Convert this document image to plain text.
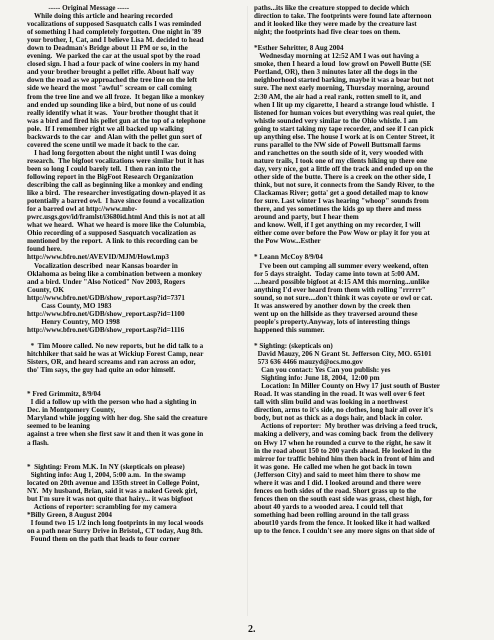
----- Original Message -----

While doing this article and hearing recorded

vocalizations of supposed Sasquatch calls I was reminded

of something I had completely forgotten. One night in '89

your brother, I, Cat, and I believe Lisa M. decided to head

down to Deadman's Bridge about 11 PM or so, in the

evening.  We parked the car at the usual spot by the road

closed sign. I had a four pack of wine coolers in my hand

and your brother brought a pellet rifle. About half way

down the road as we approached the tree line on the left

side we heard the most "awful" scream or call coming

from the tree line and we all froze.  It began like a monkey

and ended up sounding like a bird, but none of us could

really identify what it was.   Your brother thought that it

was a bird and fired his pellet gun at the top of a telephone

pole.  If I remember right we all backed up walking

backwards to the car  and Alan with the pellet gun sort of

covered the scene until we made it back to the car.

I had long forgotten about the night until I was doing

research.  The bigfoot vocalizations were similar but it has

been so long I could barely tell.  I then ran into the

following report in the BigFoot Research Organization

describing the call as beginning like a monkey and ending

like a bird.  The researcher investigating down-played it as

potentially a barred owl.  I have since found a vocalization

for a barred owl at http://www.mbr-

pwrc.usgs.gov/id/framlst/i3680id.html And this is not at all

what we heard.  What we heard is more like the Columbia,

Ohio recording of a supposed Sasquatch vocalization as

mentioned by the report.  A link to this recording can be

found here.

http://www.bfro.net/AVEVID/MJM/Howl.mp3

Vocalization described  near Kansas boarder in

Oklahoma as being like a combination between a monkey

and a bird. Under "Also Noticed" Nov 2003, Rogers

County, OK

http://www.bfro.net/GDB/show_report.asp?id=7371

Cass County, MO 1983

http://www.bfro.net/GDB/show_report.asp?id=1100

Henry Country, MO 1998

http://www.bfro.net/GDB/show_report.asp?id=1116

*  Tim Moore called. No new reports, but he did talk to a

hitchhiker that said he was at Wickiup Forest Camp, near

Sisters, OR, and heard screams and ran across an odor,

tho' Tim says, the guy had quite an odor himself.

* Fred Grimmitz, 8/9/04

I did a follow up with the person who had a sighting in

Dec. in Montgomery County,

Maryland while jogging with her dog. She said the creature

seemed to be leaning

against a tree when she first saw it and then it was gone in

a flash.

*  Sighting: From M.K. In NY (skepticals on please)

Sighting info: Aug 1, 2004, 5:00 a.m.  In the swamp

located on 20th avenue and 135th street in College Point,

NY.  My husband, Brian, said it was a naked Greek girl,

but I'm sure it was not quite that hairy... it was bigfoot

Actions of reporter: scrambling for my camera

*Billy Green, 8 August 2004

I found two 15 1/2 inch long footprints in my local woods

on a path near Surry Drive in Bristol,, CT today, Aug 8th.

Found them on the path that leads to four corner

paths...its like the creature stopped to decide which

direction to take. The footprints were found late afternoon

and it looked like they were made by the creature last

night; the footprints had five clear toes on them.

*Esther Sehritter, 8 Aug 2004

Wednesday morning at 12:52 AM I was out having a

smoke, then I heard a loud  low growl on Powell Butte (SE

Portland, OR), then 3 minutes later all the dogs in the

neighborhood started barking, maybe it was a bear but not

sure. The next early morning, Thursday morning, around

2:30 AM, the air had a real rank, rotten smell to it, and

when I lit up my cigarette, I heard a strange loud whistle.  I

listened for human voices but everything was real quiet, the

whistle sounded very similar to the Ohio whistle. I am

going to start taking my tape recorder, and see if I can pick

up anything else. The house I work at is on Center Street, it

runs parallel to the NW side of Powell Buttsmall farms

and ranchettes on the south side of it, very wooded with

nature trails, I took one of my clients hiking up there one

day, very nice, got a little off the track and ended up on the

other side of the butte. There is a creek on the other side, I

think, but not sure, it connects from the Sandy River, to the

Clackamas River; gotta' get a good detailed map to know

for sure. Last winter I was hearing "whoop" sounds from

there, and yes sometimes the kids go up there and mess

around and party, but I hear them

and know. Well, if I get anything on my recorder, I will

either come over before the Pow Wow or play it for you at

the Pow Wow...Esther

* Leann McCoy 8/9/04

I've been out camping all summer every weekend, often

for 5 days straight.  Today came into town at 5:00 AM.

....heard possible bigfoot at 4:15 AM this morning...unlike

anything I'd ever heard from them with rolling "rrrrrr"

sound, so not sure....don't think it was coyote or owl or cat.

It was answered by another down by the creek then

went up on the hillside as they traversed around these

people's property.Anyway, lots of interesting things

happened this summer.

* Sighting: (skepticals on)

David Mauzy, 206 N Grant St. Jefferson City, MO. 65101

573 636 4466 mauzyd@ocs.mo.gov

Can you contact: Yes Can you publish: yes

Sighting info: June 18, 2004,  12:00 pm

Location: In Miller County on Hwy 17 just south of Buster

Road. It was standing in the road. It was well over 6 feet

tall with slim build and was looking in a northwest

direction, arms to it's side, no clothes, long hair all over it's

body, but not as thick as a dogs hair, and black in color.

Actions of reporter:  My brother was driving a feed truck,

making a delivery, and was coming back  from the delivery

on Hwy 17 when he rounded a curve to the right, he saw it

in the road about 150 to 200 yards ahead. He looked in the

mirror for traffic behind him then back in front of him and

it was gone.  He called me when he got back in town

(Jefferson City) and said to meet him there to show me

where it was and I did. I looked around and there were

fences on both sides of the road. Short grass up to the

fences then on the south east side was grass, chest high, for

about 40 yards to a wooded area. I could tell that

something had been rolling around in the tall grass

about10 yards from the fence. It looked like it had walked

up to the fence. I couldn't see any more signs on that side of

2.
